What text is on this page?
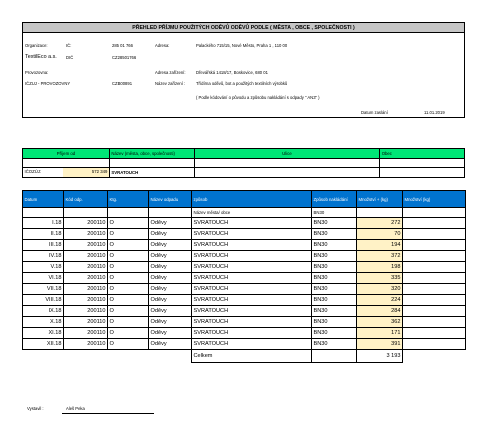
PŘEHLED PŘÍJMU POUŽITÝCH ODĚVŮ ODĚVŮ PODLE ( MĚSTA , OBCE , SPOLEČNOSTI )
Organizace:	IČ:	285 01 766	Adresa:	Palackého 715/15, Nové Město, Praha 1 , 110 00
TextilEco a.s. DIČ	CZ28501766
Provozovna:	Adresa zařízení:	Dřevářská 1418/17, Boskovice, 680 01
IČZUJ - PROVOZOVNY	CZB00891	Název zařízení :	Třídírna oděvů, bot a použitých textilních výrobků
( Podle kódování o původu a způsobu nakládání s odpady " AN3" )
Datum zaslání	11.01.2019
Příjem od	Název (města, obce, společnosti)	Ulice	Obec

IČOZÚJ: 572 349	SVRATOUCH		
Datum	Kód odp.	Ktg.	Název odpadu	způsob	Způsob nakládání	Množství + (kg)	Množství (kg)
				Název města/ obce	BN30		
I.18	200110	O	Oděvy	SVRATOUCH	BN30	272	
II.18	200110	O	Oděvy	SVRATOUCH	BN30	70	
III.18	200110	O	Oděvy	SVRATOUCH	BN30	194	
IV.18	200110	O	Oděvy	SVRATOUCH	BN30	372	
V.18	200110	O	Oděvy	SVRATOUCH	BN30	198	
VI.18	200110	O	Oděvy	SVRATOUCH	BN30	335	
VII.18	200110	O	Oděvy	SVRATOUCH	BN30	320	
VIII.18	200110	O	Oděvy	SVRATOUCH	BN30	224	
IX.18	200110	O	Oděvy	SVRATOUCH	BN30	284	
X.18	200110	O	Oděvy	SVRATOUCH	BN30	362	
XI.18	200110	O	Oděvy	SVRATOUCH	BN30	171	
XII.18	200110	O	Oděvy	SVRATOUCH	BN30	391	
				Celkem		3 193	
Vystavil :	Aleš Peka
